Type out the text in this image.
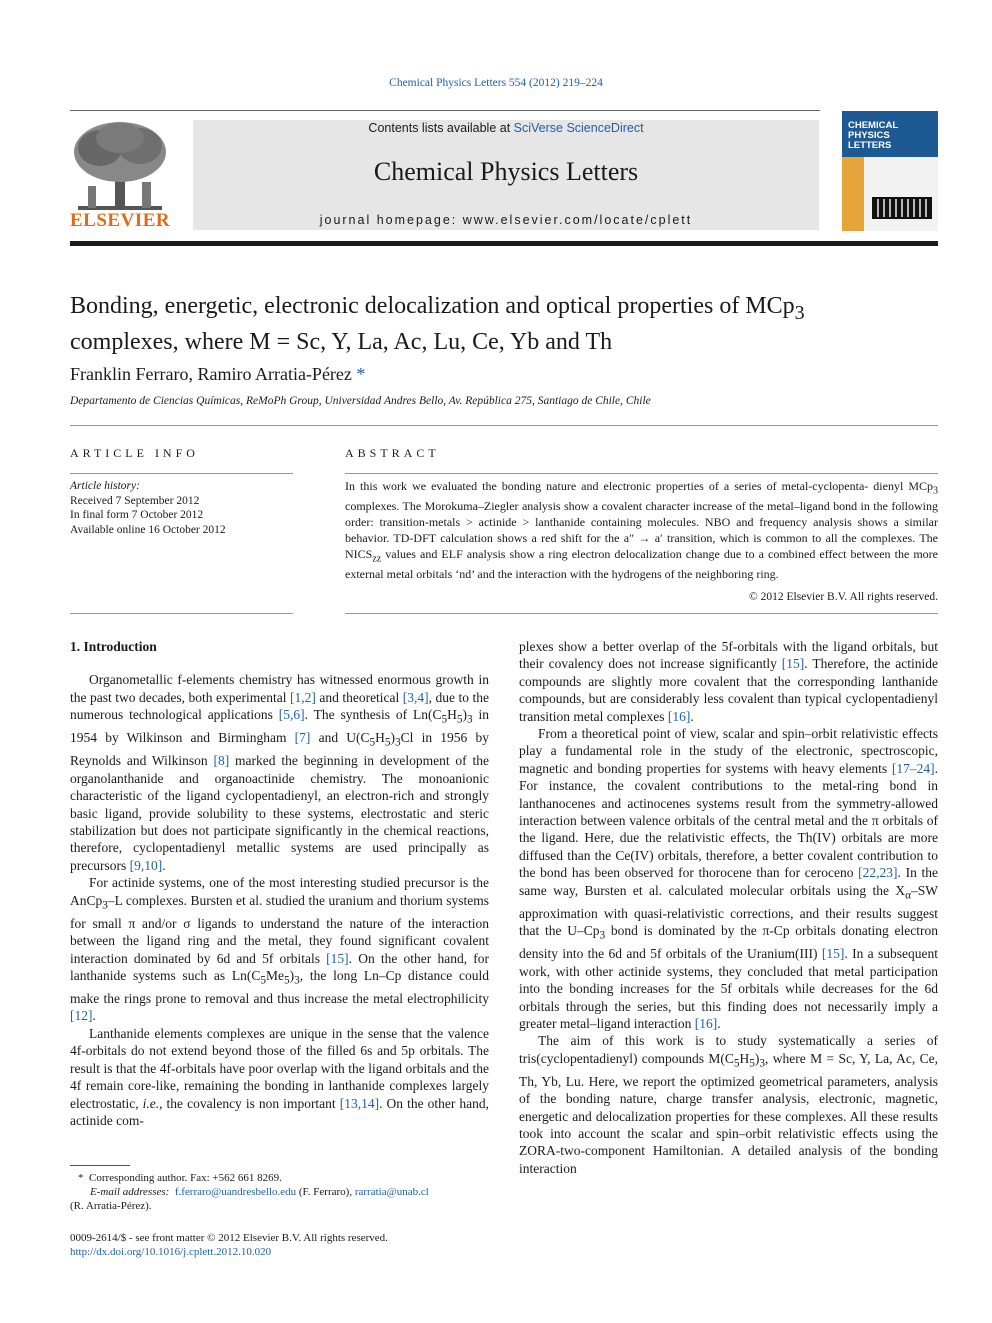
Chemical Physics Letters 554 (2012) 219–224
ELSEVIER
Contents lists available at SciVerse ScienceDirect
Chemical Physics Letters
journal homepage: www.elsevier.com/locate/cplett
CHEMICAL
PHYSICS
LETTERS
Bonding, energetic, electronic delocalization and optical properties of MCp$_3$
complexes, where M = Sc, Y, La, Ac, Lu, Ce, Yb and Th
Franklin Ferraro, Ramiro Arratia-Pérez *
Departamento de Ciencias Químicas, ReMoPh Group, Universidad Andres Bello, Av. República 275, Santiago de Chile, Chile
ARTICLE INFO
Article history:
Received 7 September 2012
In final form 7 October 2012
Available online 16 October 2012
ABSTRACT
In this work we evaluated the bonding nature and electronic properties of a series of metal-cyclopenta- dienyl MCp$_3$ complexes. The Morokuma–Ziegler analysis show a covalent character increase of the metal–ligand bond in the following order: transition-metals > actinide > lanthanide containing molecules. NBO and frequency analysis shows a similar behavior. TD-DFT calculation shows a red shift for the a″ → a′ transition, which is common to all the complexes. The $NICS_{zz}$ values and ELF analysis show a ring electron delocalization change due to a combined effect between the more external metal orbitals ‘nd’ and the interaction with the hydrogens of the neighboring ring.
© 2012 Elsevier B.V. All rights reserved.
1. Introduction

Organometallic f-elements chemistry has witnessed enormous growth in the past two decades, both experimental [1,2] and theoretical [3,4], due to the numerous technological applications [5,6]. The synthesis of $Ln(C_5H_5)_3$ in 1954 by Wilkinson and Birmingham [7] and $U(C_5H_5)_3Cl$ in 1956 by Reynolds and Wilkinson [8] marked the beginning in development of the organolanthanide and organoactinide chemistry. The monoanionic characteristic of the ligand cyclopentadienyl, an electron-rich and strongly basic ligand, provide solubility to these systems, electrostatic and steric stabilization but does not participate significantly in the chemical reactions, therefore, cyclopentadienyl metallic systems are used principally as precursors [9,10].

For actinide systems, one of the most interesting studied precursor is the AnCp$_3$–L complexes. Bursten et al. studied the uranium and thorium systems for small π and/or σ ligands to understand the nature of the interaction between the ligand ring and the metal, they found significant covalent interaction dominated by 6d and 5f orbitals [15]. On the other hand, for lanthanide systems such as $Ln(C_5Me_5)_3$, the long Ln–Cp distance could make the rings prone to removal and thus increase the metal electrophilicity [12].

Lanthanide elements complexes are unique in the sense that the valence 4f-orbitals do not extend beyond those of the filled 6s and 5p orbitals. The result is that the 4f-orbitals have poor overlap with the ligand orbitals and the 4f remain core-like, remaining the bonding in lanthanide complexes largely electrostatic, i.e., the covalency is non important [13,14]. On the other hand, actinide com-

*  Corresponding author. Fax: +562 661 8269.
E-mail addresses: f.ferraro@uandresbello.edu (F. Ferraro), rarratia@unab.cl
(R. Arratia-Pérez).
0009-2614/$ - see front matter © 2012 Elsevier B.V. All rights reserved.
http://dx.doi.org/10.1016/j.cplett.2012.10.020

plexes show a better overlap of the 5f-orbitals with the ligand orbitals, but their covalency does not increase significantly [15]. Therefore, the actinide compounds are slightly more covalent that the corresponding lanthanide compounds, but are considerably less covalent than typical cyclopentadienyl transition metal complexes [16].

From a theoretical point of view, scalar and spin–orbit relativistic effects play a fundamental role in the study of the electronic, spectroscopic, magnetic and bonding properties for systems with heavy elements [17–24]. For instance, the covalent contributions to the metal-ring bond in lanthanocenes and actinocenes systems result from the symmetry-allowed interaction between valence orbitals of the central metal and the π orbitals of the ligand. Here, due the relativistic effects, the Th(IV) orbitals are more diffused than the Ce(IV) orbitals, therefore, a better covalent contribution to the bond has been observed for thorocene than for ceroceno [22,23]. In the same way, Bursten et al. calculated molecular orbitals using the $X_\alpha-SW$ approximation with quasi-relativistic corrections, and their results suggest that the $U-Cp_3$ bond is dominated by the π-Cp orbitals donating electron density into the 6d and 5f orbitals of the Uranium(III) [15]. In a subsequent work, with other actinide systems, they concluded that metal participation into the bonding increases for the 5f orbitals while decreases for the 6d orbitals through the series, but this finding does not necessarily imply a greater metal–ligand interaction [16].

The aim of this work is to study systematically a series of tris(cyclopentadienyl) compounds $M(C_5H_5)_3$, where M = Sc, Y, La, Ac, Ce, Th, Yb, Lu. Here, we report the optimized geometrical parameters, analysis of the bonding nature, charge transfer analysis, electronic, magnetic, energetic and delocalization properties for these complexes. All these results took into account the scalar and spin–orbit relativistic effects using the ZORA-two-component Hamiltonian. A detailed analysis of the bonding interaction
